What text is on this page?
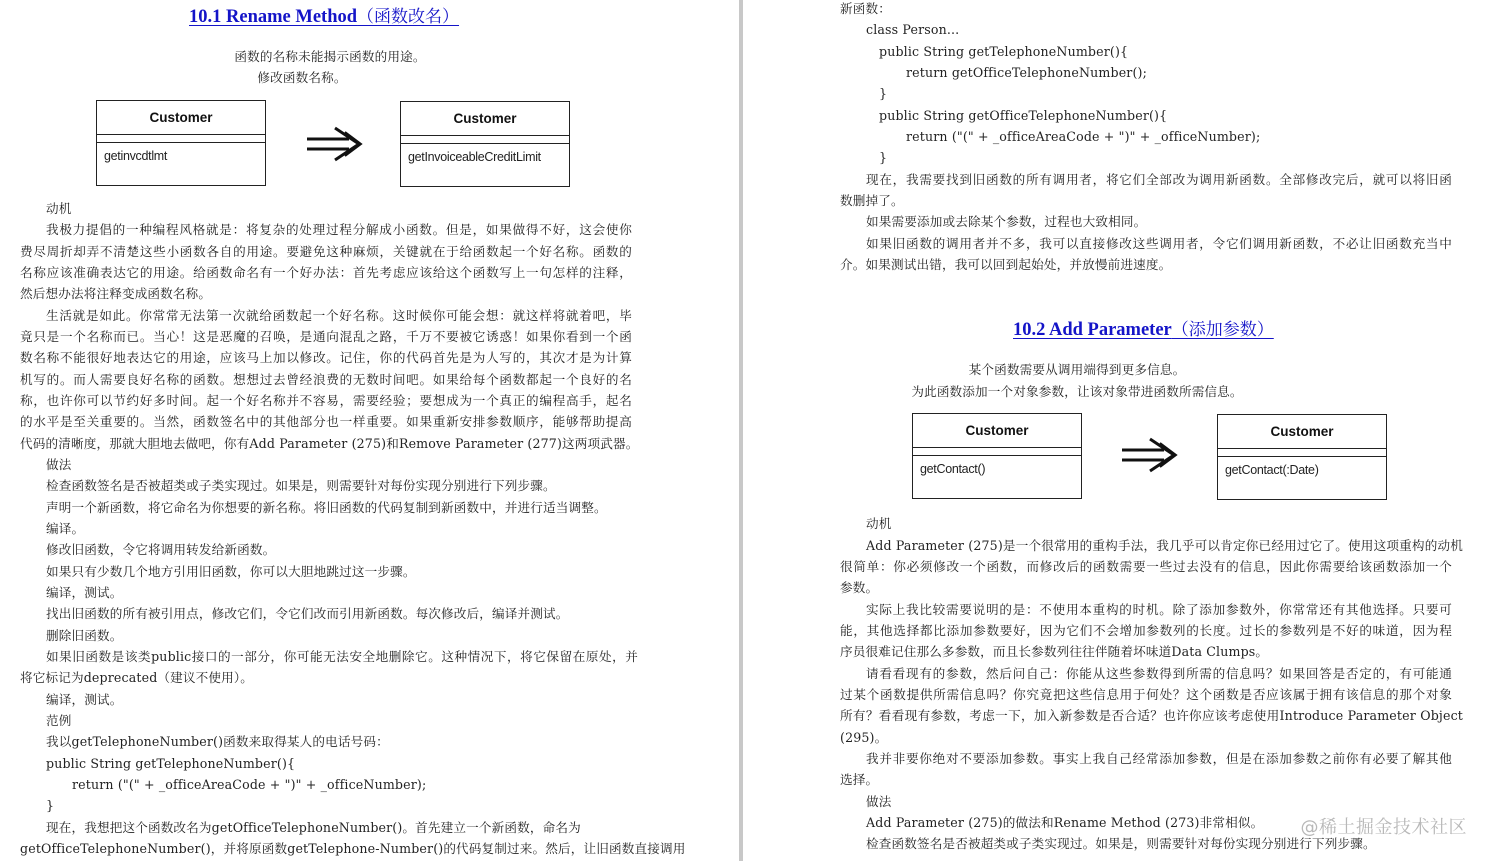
10.1 Rename Method（函数改名）
函数的名称未能揭示函数的用途。
修改函数名称。
Customer
getinvcdtlmt
Customer
getInvoiceableCreditLimit
动机
我极力提倡的一种编程风格就是：将复杂的处理过程分解成小函数。但是，如果做得不好，这会使你
费尽周折却弄不清楚这些小函数各自的用途。要避免这种麻烦，关键就在于给函数起一个好名称。函数的
名称应该准确表达它的用途。给函数命名有一个好办法：首先考虑应该给这个函数写上一句怎样的注释，
然后想办法将注释变成函数名称。
生活就是如此。你常常无法第一次就给函数起一个好名称。这时候你可能会想：就这样将就着吧，毕
竟只是一个名称而已。当心！这是恶魔的召唤，是通向混乱之路，千万不要被它诱惑！如果你看到一个函
数名称不能很好地表达它的用途，应该马上加以修改。记住，你的代码首先是为人写的，其次才是为计算
机写的。而人需要良好名称的函数。想想过去曾经浪费的无数时间吧。如果给每个函数都起一个良好的名
称，也许你可以节约好多时间。起一个好名称并不容易，需要经验；要想成为一个真正的编程高手，起名
的水平是至关重要的。当然，函数签名中的其他部分也一样重要。如果重新安排参数顺序，能够帮助提高
代码的清晰度，那就大胆地去做吧，你有Add Parameter (275)和Remove Parameter (277)这两项武器。
做法
检查函数签名是否被超类或子类实现过。如果是，则需要针对每份实现分别进行下列步骤。
声明一个新函数，将它命名为你想要的新名称。将旧函数的代码复制到新函数中，并进行适当调整。
编译。
修改旧函数，令它将调用转发给新函数。
如果只有少数几个地方引用旧函数，你可以大胆地跳过这一步骤。
编译，测试。
找出旧函数的所有被引用点，修改它们，令它们改而引用新函数。每次修改后，编译并测试。
删除旧函数。
如果旧函数是该类public接口的一部分，你可能无法安全地删除它。这种情况下，将它保留在原处，并
将它标记为deprecated（建议不使用）。
编译，测试。
范例
我以getTelephoneNumber()函数来取得某人的电话号码：
public String getTelephoneNumber(){
return ("(" + _officeAreaCode + ")" + _officeNumber);
}
现在，我想把这个函数改名为getOfficeTelephoneNumber()。首先建立一个新函数，命名为
getOfficeTelephoneNumber()，并将原函数getTelephone-Number()的代码复制过来。然后，让旧函数直接调用
新函数：
class Person...
public String getTelephoneNumber(){
return getOfficeTelephoneNumber();
}
public String getOfficeTelephoneNumber(){
return ("(" + _officeAreaCode + ")" + _officeNumber);
}
现在，我需要找到旧函数的所有调用者，将它们全部改为调用新函数。全部修改完后，就可以将旧函
数删掉了。
如果需要添加或去除某个参数，过程也大致相同。
如果旧函数的调用者并不多，我可以直接修改这些调用者，令它们调用新函数，不必让旧函数充当中
介。如果测试出错，我可以回到起始处，并放慢前进速度。
10.2 Add Parameter（添加参数）
某个函数需要从调用端得到更多信息。
为此函数添加一个对象参数，让该对象带进函数所需信息。
Customer
getContact()
Customer
getContact(:Date)
动机
Add Parameter (275)是一个很常用的重构手法，我几乎可以肯定你已经用过它了。使用这项重构的动机
很简单：你必须修改一个函数，而修改后的函数需要一些过去没有的信息，因此你需要给该函数添加一个
参数。
实际上我比较需要说明的是：不使用本重构的时机。除了添加参数外，你常常还有其他选择。只要可
能，其他选择都比添加参数要好，因为它们不会增加参数列的长度。过长的参数列是不好的味道，因为程
序员很难记住那么多参数，而且长参数列往往伴随着坏味道Data Clumps。
请看看现有的参数，然后问自己：你能从这些参数得到所需的信息吗？如果回答是否定的，有可能通
过某个函数提供所需信息吗？你究竟把这些信息用于何处？这个函数是否应该属于拥有该信息的那个对象
所有？看看现有参数，考虑一下，加入新参数是否合适？也许你应该考虑使用Introduce Parameter Object
(295)。
我并非要你绝对不要添加参数。事实上我自己经常添加参数，但是在添加参数之前你有必要了解其他
选择。
做法
Add Parameter (275)的做法和Rename Method (273)非常相似。
检查函数签名是否被超类或子类实现过。如果是，则需要针对每份实现分别进行下列步骤。
@稀土掘金技术社区
